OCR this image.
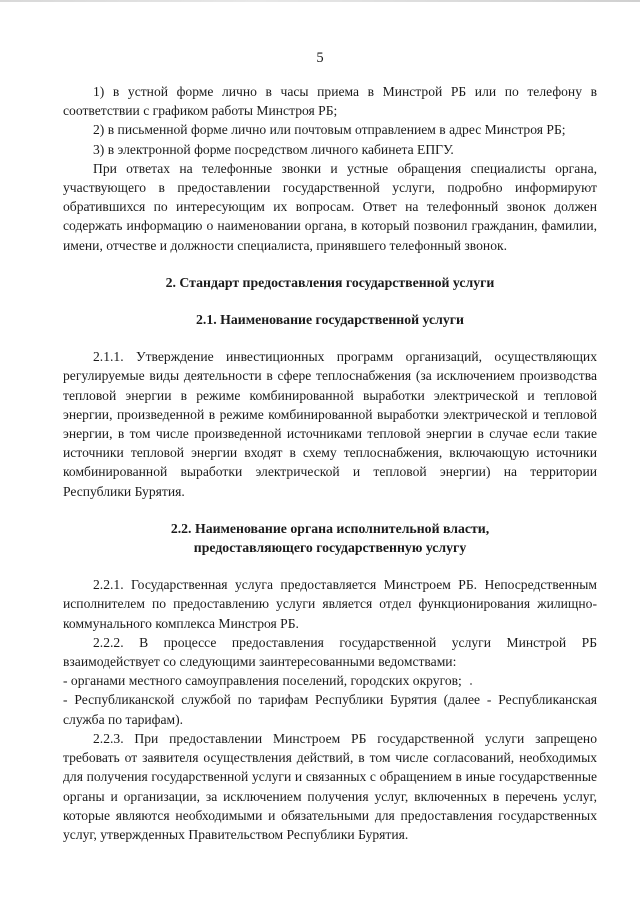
5

1) в устной форме лично в часы приема в Минстрой РБ или по телефону в соответствии с графиком работы Минстроя РБ;

2) в письменной форме лично или почтовым отправлением в адрес Минстроя РБ;

3) в электронной форме посредством личного кабинета ЕПГУ.

При ответах на телефонные звонки и устные обращения специалисты органа, участвующего в предоставлении государственной услуги, подробно информируют обратившихся по интересующим их вопросам. Ответ на телефонный звонок должен содержать информацию о наименовании органа, в который позвонил гражданин, фамилии, имени, отчестве и должности специалиста, принявшего телефонный звонок.

2. Стандарт предоставления государственной услуги

2.1. Наименование государственной услуги

2.1.1. Утверждение инвестиционных программ организаций, осуществляющих регулируемые виды деятельности в сфере теплоснабжения (за исключением производства тепловой энергии в режиме комбинированной выработки электрической и тепловой энергии, произведенной в режиме комбинированной выработки электрической и тепловой энергии, в том числе произведенной источниками тепловой энергии в случае если такие источники тепловой энергии входят в схему теплоснабжения, включающую источники комбинированной выработки электрической и тепловой энергии) на территории Республики Бурятия.

2.2. Наименование органа исполнительной власти,

предоставляющего государственную услугу

2.2.1. Государственная услуга предоставляется Минстроем РБ. Непосредственным исполнителем по предоставлению услуги является отдел функционирования жилищно-коммунального комплекса Минстроя РБ.

2.2.2. В процессе предоставления государственной услуги Минстрой РБ взаимодействует со следующими заинтересованными ведомствами:

- органами местного самоуправления поселений, городских округов;

- Республиканской службой по тарифам Республики Бурятия (далее - Республиканская служба по тарифам).

2.2.3. При предоставлении Минстроем РБ государственной услуги запрещено требовать от заявителя осуществления действий, в том числе согласований, необходимых для получения государственной услуги и связанных с обращением в иные государственные органы и организации, за исключением получения услуг, включенных в перечень услуг, которые являются необходимыми и обязательными для предоставления государственных услуг, утвержденных Правительством Республики Бурятия.
